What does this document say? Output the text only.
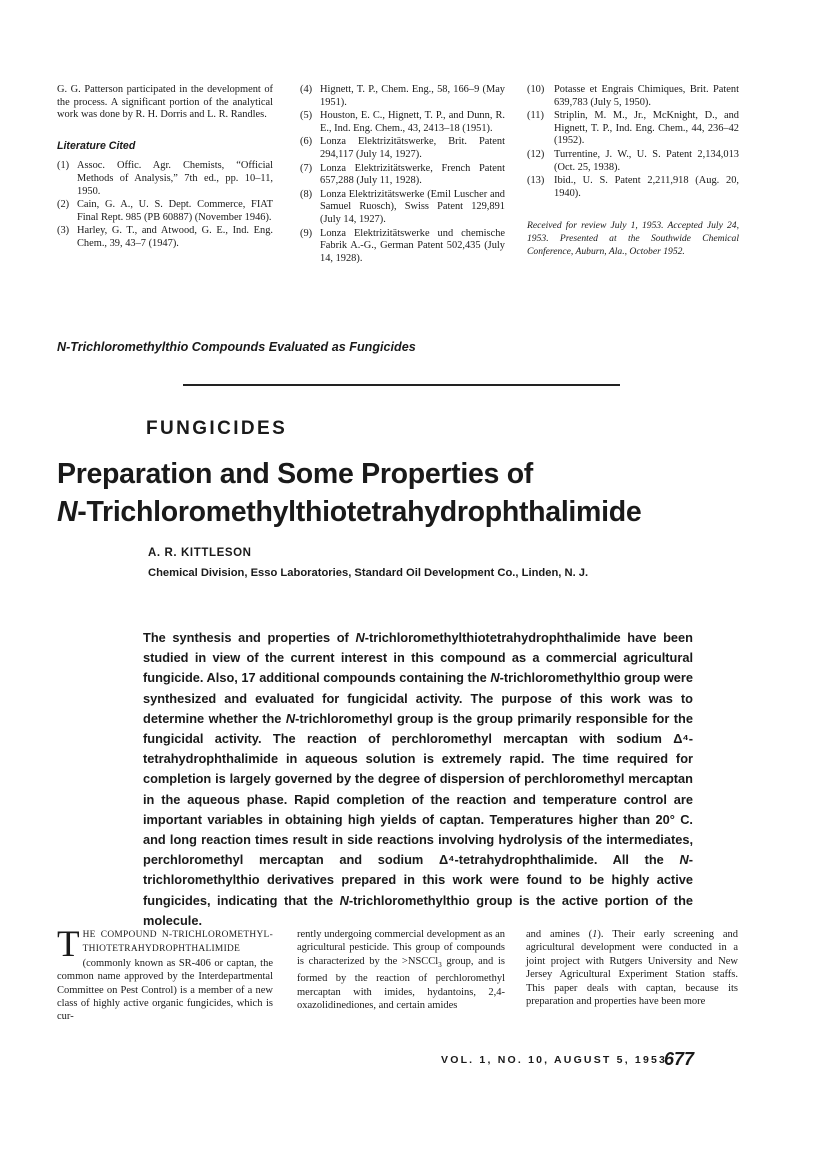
G. G. Patterson participated in the development of the process. A significant portion of the analytical work was done by R. H. Dorris and L. R. Randles.
Literature Cited
(1) Assoc. Offic. Agr. Chemists, “Official Methods of Analysis,” 7th ed., pp. 10–11, 1950.
(2) Cain, G. A., U. S. Dept. Commerce, FIAT Final Rept. 985 (PB 60887) (November 1946).
(3) Harley, G. T., and Atwood, G. E., Ind. Eng. Chem., 39, 43–7 (1947).
(4) Hignett, T. P., Chem. Eng., 58, 166–9 (May 1951).
(5) Houston, E. C., Hignett, T. P., and Dunn, R. E., Ind. Eng. Chem., 43, 2413–18 (1951).
(6) Lonza Elektrizitätswerke, Brit. Patent 294,117 (July 14, 1927).
(7) Lonza Elektrizitätswerke, French Patent 657,288 (July 11, 1928).
(8) Lonza Elektrizitätswerke (Emil Luscher and Samuel Ruosch), Swiss Patent 129,891 (July 14, 1927).
(9) Lonza Elektrizitätswerke und chemische Fabrik A.-G., German Patent 502,435 (July 14, 1928).
(10) Potasse et Engrais Chimiques, Brit. Patent 639,783 (July 5, 1950).
(11) Striplin, M. M., Jr., McKnight, D., and Hignett, T. P., Ind. Eng. Chem., 44, 236–42 (1952).
(12) Turrentine, J. W., U. S. Patent 2,134,013 (Oct. 25, 1938).
(13) Ibid., U. S. Patent 2,211,918 (Aug. 20, 1940).
Received for review July 1, 1953. Accepted July 24, 1953. Presented at the Southwide Chemical Conference, Auburn, Ala., October 1952.
N-Trichloromethylthio Compounds Evaluated as Fungicides
FUNGICIDES
Preparation and Some Properties of
N-Trichloromethylthiotetrahydrophthalimide
A. R. KITTLESON
Chemical Division, Esso Laboratories, Standard Oil Development Co., Linden, N. J.
The synthesis and properties of N-trichloromethylthiotetrahydrophthalimide have been studied in view of the current interest in this compound as a commercial agricultural fungicide. Also, 17 additional compounds containing the N-trichloromethylthio group were synthesized and evaluated for fungicidal activity. The purpose of this work was to determine whether the N-trichloromethyl group is the group primarily responsible for the fungicidal activity. The reaction of perchloromethyl mercaptan with sodium Δ⁴-tetrahydrophthalimide in aqueous solution is extremely rapid. The time required for completion is largely governed by the degree of dispersion of perchloromethyl mercaptan in the aqueous phase. Rapid completion of the reaction and temperature control are important variables in obtaining high yields of captan. Temperatures higher than 20° C. and long reaction times result in side reactions involving hydrolysis of the intermediates, perchloromethyl mercaptan and sodium Δ⁴-tetrahydrophthalimide. All the N-trichloromethylthio derivatives prepared in this work were found to be highly active fungicides, indicating that the N-trichloromethylthio group is the active portion of the molecule.
T HE COMPOUND N-TRICHLOROMETHYL-THIOTETRAHYDROPHTHALIMIDE (commonly known as SR-406 or captan, the common name approved by the Interdepartmental Committee on Pest Control) is a member of a new class of highly active organic fungicides, which is cur-
rently undergoing commercial development as an agricultural pesticide. This group of compounds is characterized by the >NSCCl$_3$ group, and is formed by the reaction of perchloromethyl mercaptan with imides, hydantoins, 2,4-oxazolidinediones, and certain amides
and amines (1). Their early screening and agricultural development were conducted in a joint project with Rutgers University and New Jersey Agricultural Experiment Station staffs. This paper deals with captan, because its preparation and properties have been more
VOL. 1, NO. 10, AUGUST 5, 1953
677
